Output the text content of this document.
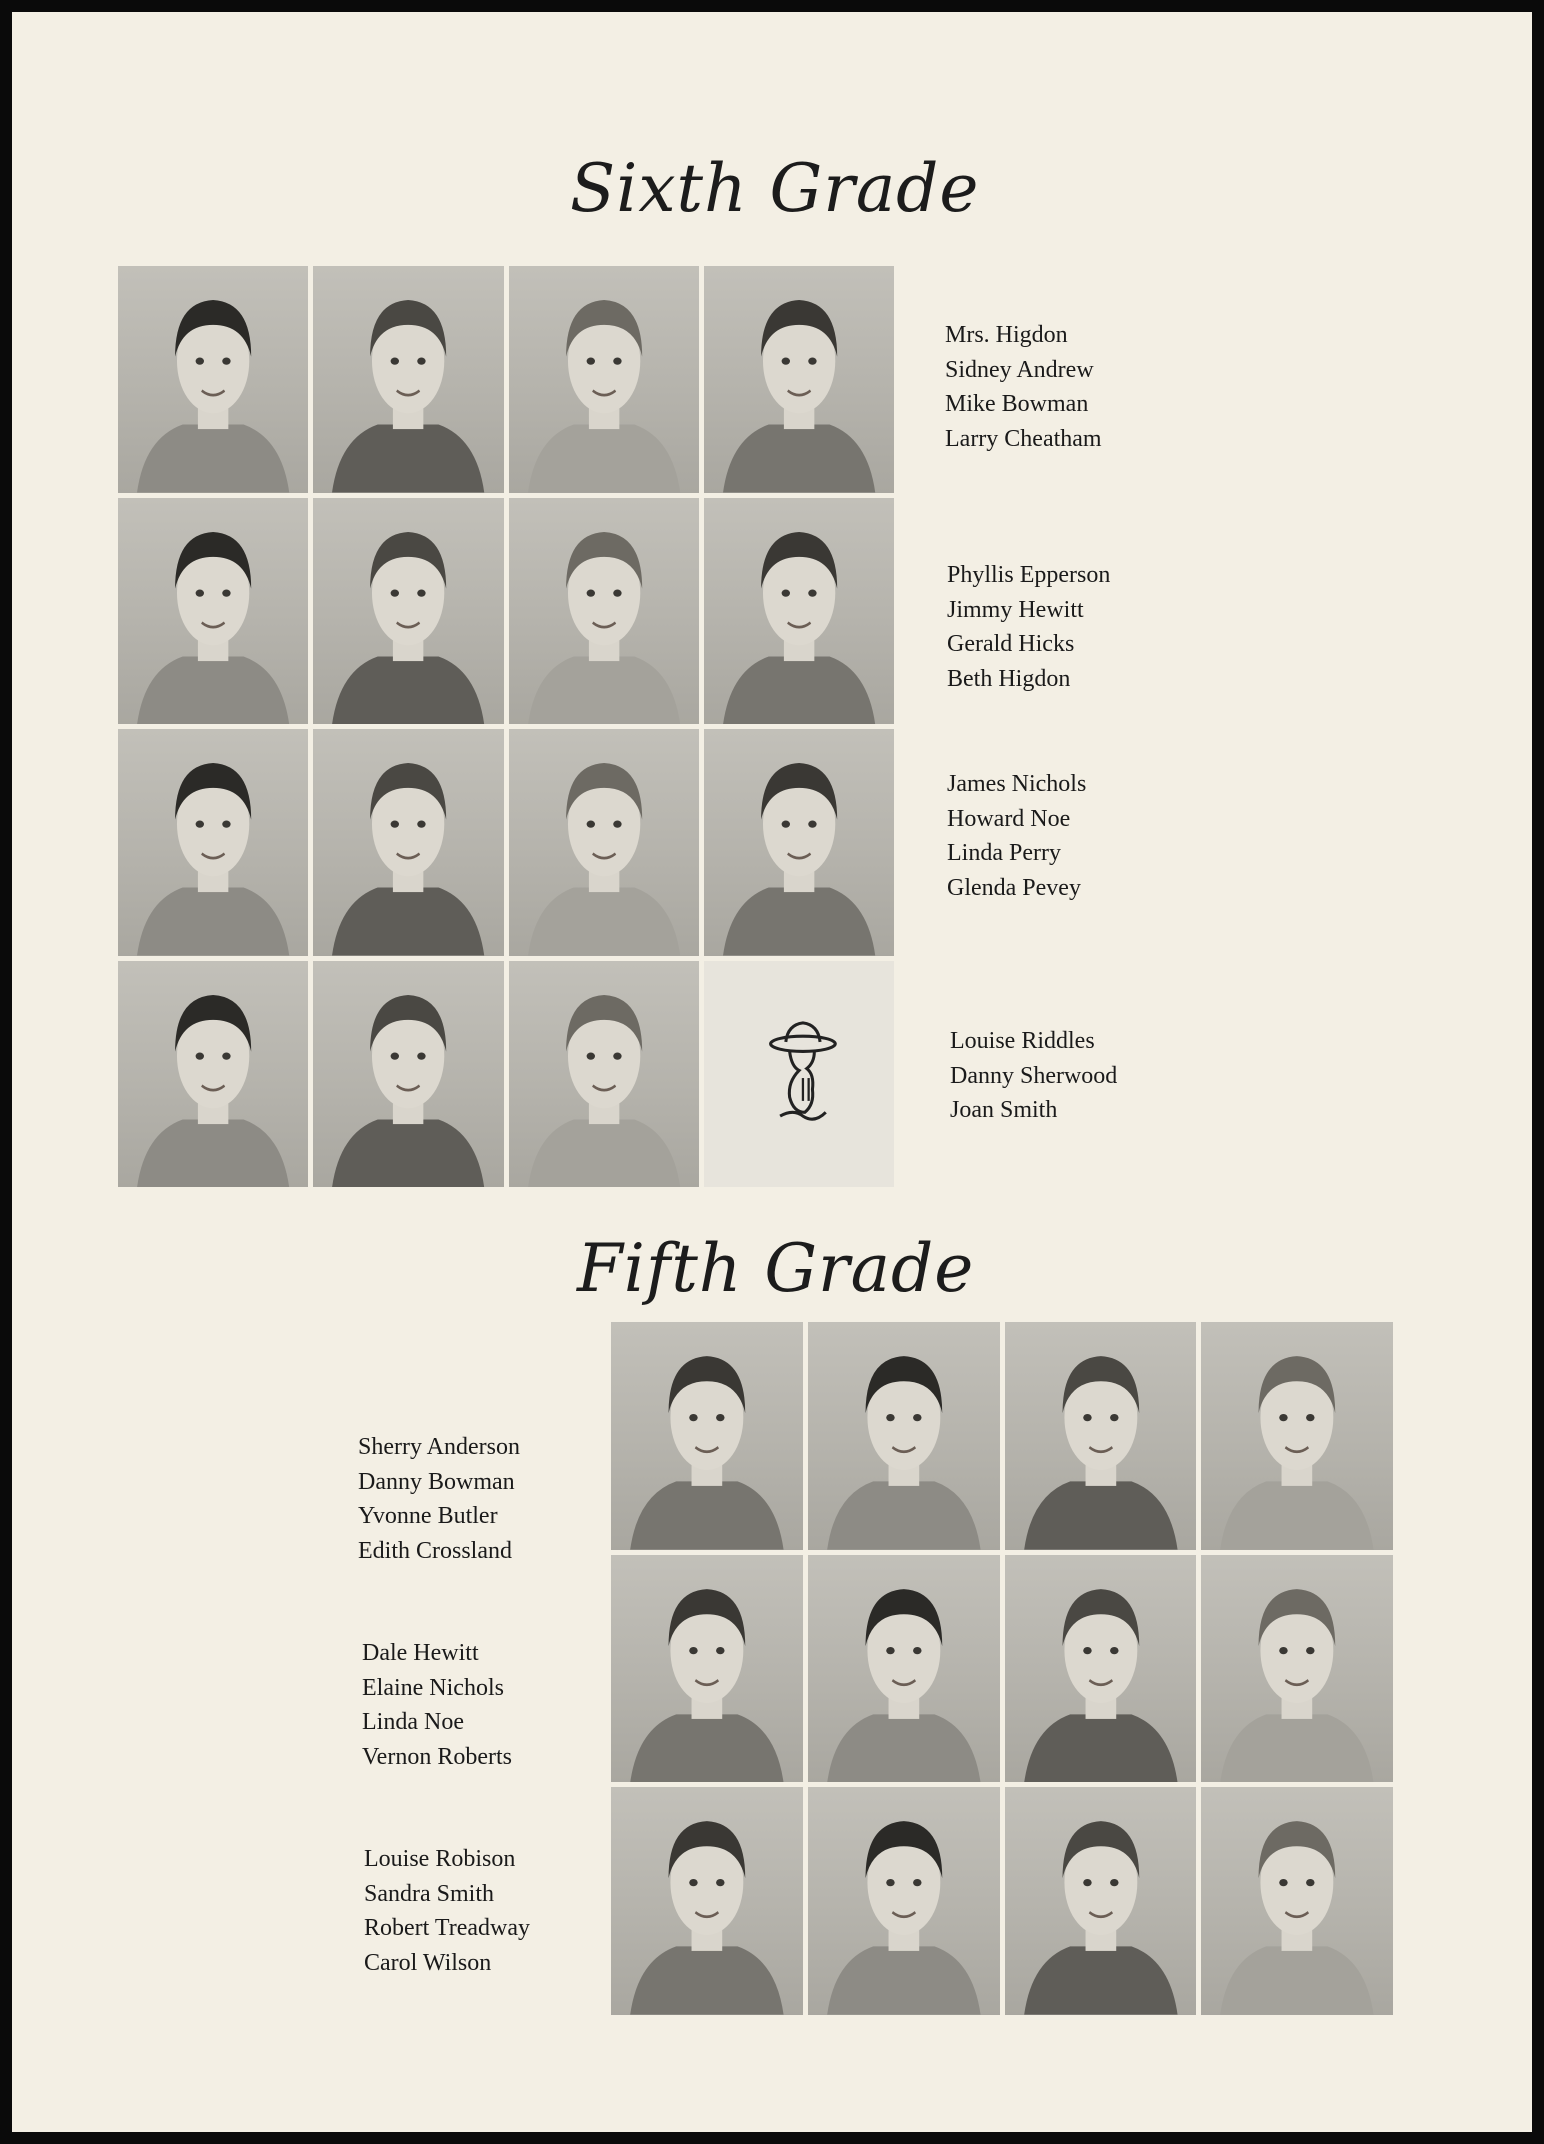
Sixth Grade
Mrs. Higdon
Sidney Andrew
Mike Bowman
Larry Cheatham
Phyllis Epperson
Jimmy Hewitt
Gerald Hicks
Beth Higdon
James Nichols
Howard Noe
Linda Perry
Glenda Pevey
Louise Riddles
Danny Sherwood
Joan Smith
Fifth Grade
Sherry Anderson
Danny Bowman
Yvonne Butler
Edith Crossland
Dale Hewitt
Elaine Nichols
Linda Noe
Vernon Roberts
Louise Robison
Sandra Smith
Robert Treadway
Carol Wilson
